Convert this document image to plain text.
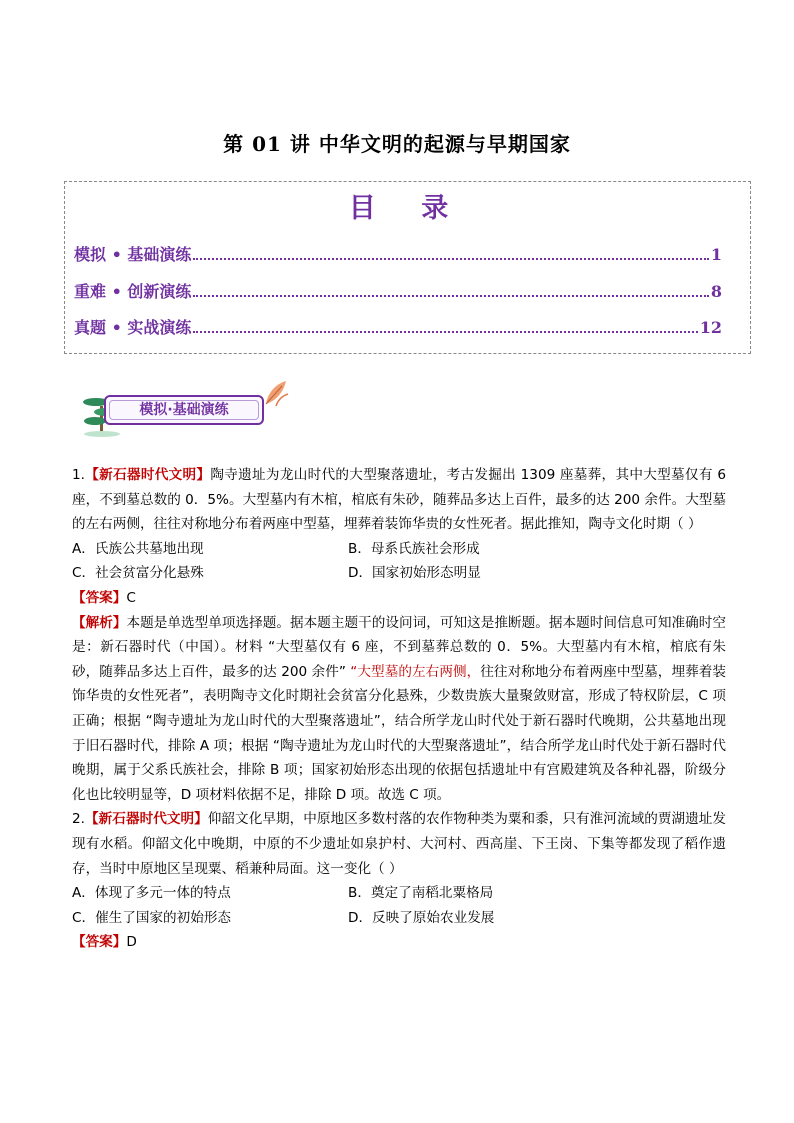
第 01 讲 中华文明的起源与早期国家
目 录
模拟 • 基础演练	1
重难 • 创新演练	8
真题 • 实战演练	12
模拟·基础演练

1.【新石器时代文明】陶寺遗址为龙山时代的大型聚落遗址，考古发掘出 1309 座墓葬，其中大型墓仅有 6 座，不到墓总数的 0．5%。大型墓内有木棺，棺底有朱砂，随葬品多达上百件，最多的达 200 余件。大型墓的左右两侧，往往对称地分布着两座中型墓，埋葬着装饰华贵的女性死者。据此推知，陶寺文化时期（ ）

A．氏族公共墓地出现	B．母系氏族社会形成
C．社会贫富分化悬殊	D．国家初始形态明显

【答案】C

【解析】本题是单选型单项选择题。据本题主题干的设问词，可知这是推断题。据本题时间信息可知准确时空是：新石器时代（中国）。材料 “大型墓仅有 6 座，不到墓葬总数的 0．5%。大型墓内有木棺，棺底有朱砂，随葬品多达上百件，最多的达 200 余件” “大型墓的左右两侧，往往对称地分布着两座中型墓，埋葬着装饰华贵的女性死者”，表明陶寺文化时期社会贫富分化悬殊，少数贵族大量聚敛财富，形成了特权阶层，C 项正确；根据 “陶寺遗址为龙山时代的大型聚落遗址”，结合所学龙山时代处于新石器时代晚期，公共墓地出现于旧石器时代，排除 A 项；根据 “陶寺遗址为龙山时代的大型聚落遗址”，结合所学龙山时代处于新石器时代晚期，属于父系氏族社会，排除 B 项；国家初始形态出现的依据包括遗址中有宫殿建筑及各种礼器，阶级分化也比较明显等，D 项材料依据不足，排除 D 项。故选 C 项。

2.【新石器时代文明】仰韶文化早期，中原地区多数村落的农作物种类为粟和黍，只有淮河流域的贾湖遗址发现有水稻。仰韶文化中晚期，中原的不少遗址如泉护村、大河村、西高崖、下王岗、下集等都发现了稻作遗存，当时中原地区呈现粟、稻兼种局面。这一变化（ ）

A．体现了多元一体的特点	B．奠定了南稻北粟格局
C．催生了国家的初始形态	D．反映了原始农业发展

【答案】D
